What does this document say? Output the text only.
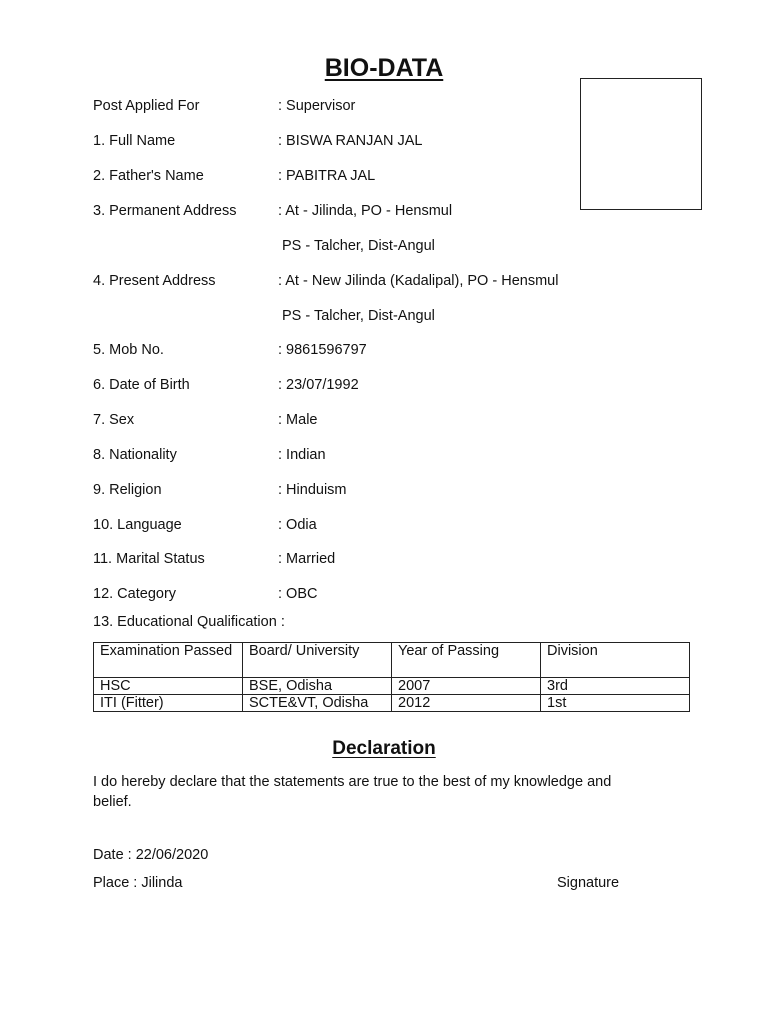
BIO-DATA
Post Applied For	: Supervisor
1. Full Name	: BISWA RANJAN JAL
2. Father's Name	: PABITRA JAL
3. Permanent Address	: At - Jilinda, PO - Hensmul
PS - Talcher, Dist-Angul
4. Present Address	: At - New Jilinda (Kadalipal), PO - Hensmul
PS - Talcher, Dist-Angul
5. Mob No.	: 9861596797
6. Date of Birth	: 23/07/1992
7. Sex	: Male
8. Nationality	: Indian
9. Religion	: Hinduism
10. Language	: Odia
11. Marital Status	: Married
12. Category	: OBC
13. Educational Qualification :
Examination Passed	Board/ University	Year of Passing	Division
HSC	BSE, Odisha	2007	3rd
ITI (Fitter)	SCTE&VT, Odisha	2012	1st
Declaration
I do hereby declare that the statements are true to the best of my knowledge and belief.
Date : 22/06/2020
Place : Jilinda	Signature
